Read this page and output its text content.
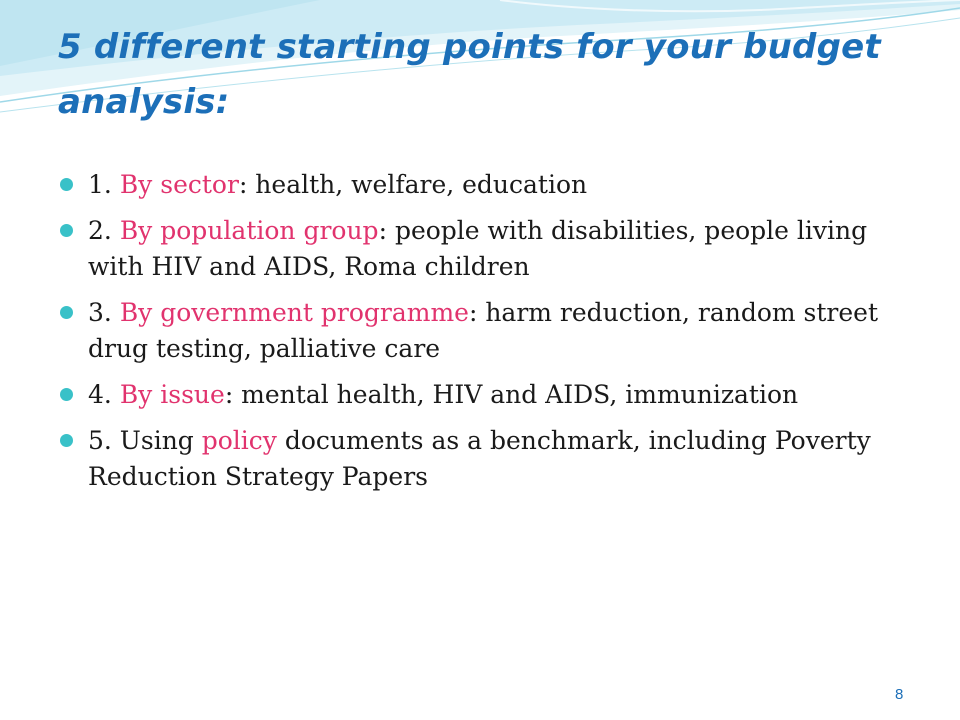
5 different starting points for your budget analysis:
1. By sector: health, welfare, education
2. By population group: people with disabilities, people living with HIV and AIDS, Roma children
3. By government programme: harm reduction, random street drug testing, palliative care
4. By issue: mental health, HIV and AIDS, immunization
5. Using policy documents as a benchmark, including Poverty Reduction Strategy Papers
8
